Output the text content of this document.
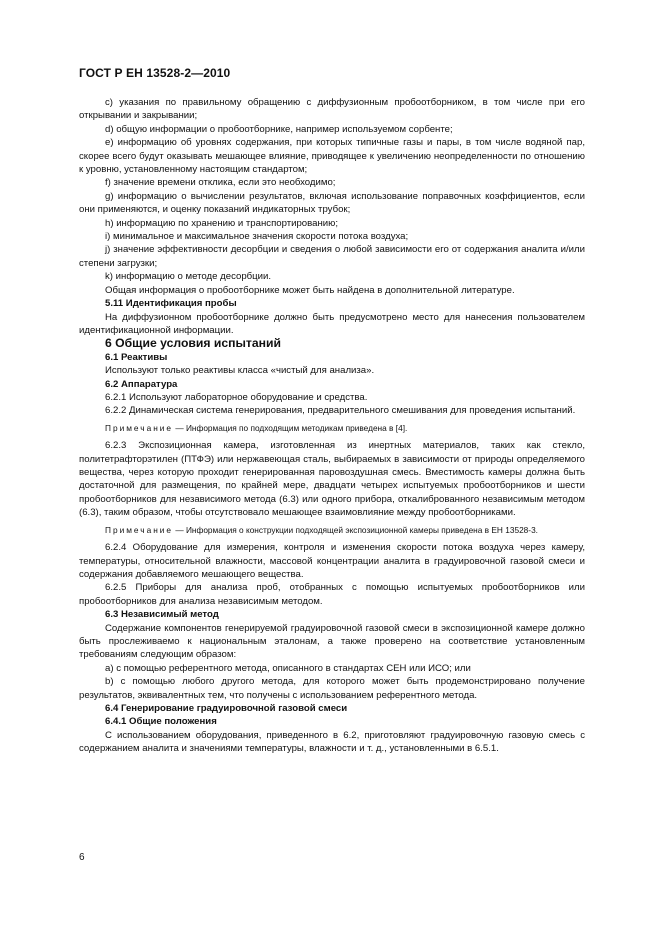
ГОСТ Р ЕН 13528-2—2010

с) указания по правильному обращению с диффузионным пробоотборником, в том числе при его открывании и закрывании;

d) общую информации о пробоотборнике, например используемом сорбенте;

е) информацию об уровнях содержания, при которых типичные газы и пары, в том числе водяной пар, скорее всего будут оказывать мешающее влияние, приводящее к увеличению неопределенности по отношению к уровню, установленному настоящим стандартом;

f) значение времени отклика, если это необходимо;

g) информацию о вычислении результатов, включая использование поправочных коэффициентов, если они применяются, и оценку показаний индикаторных трубок;

h) информацию по хранению и транспортированию;

i) минимальное и максимальное значения скорости потока воздуха;

j) значение эффективности десорбции и сведения о любой зависимости его от содержания аналита и/или степени загрузки;

k) информацию о методе десорбции.

Общая информация о пробоотборнике может быть найдена в дополнительной литературе.

5.11 Идентификация пробы

На диффузионном пробоотборнике должно быть предусмотрено место для нанесения пользователем идентификационной информации.

6 Общие условия испытаний

6.1 Реактивы

Используют только реактивы класса «чистый для анализа».

6.2 Аппаратура

6.2.1 Используют лабораторное оборудование и средства.

6.2.2 Динамическая система генерирования, предварительного смешивания для проведения испытаний.

Примечание — Информация по подходящим методикам приведена в [4].

6.2.3 Экспозиционная камера, изготовленная из инертных материалов, таких как стекло, политетрафторэтилен (ПТФЭ) или нержавеющая сталь, выбираемых в зависимости от природы определяемого вещества, через которую проходит генерированная паровоздушная смесь. Вместимость камеры должна быть достаточной для размещения, по крайней мере, двадцати четырех испытуемых пробоотборников и шести пробоотборников для независимого метода (6.3) или одного прибора, откалиброванного независимым методом (6.3), таким образом, чтобы отсутствовало мешающее взаимовлияние между пробоотборниками.

Примечание — Информация о конструкции подходящей экспозиционной камеры приведена в ЕН 13528-3.

6.2.4 Оборудование для измерения, контроля и изменения скорости потока воздуха через камеру, температуры, относительной влажности, массовой концентрации аналита в градуировочной газовой смеси и содержания добавляемого мешающего вещества.

6.2.5 Приборы для анализа проб, отобранных с помощью испытуемых пробоотборников или пробоотборников для анализа независимым методом.

6.3 Независимый метод

Содержание компонентов генерируемой градуировочной газовой смеси в экспозиционной камере должно быть прослеживаемо к национальным эталонам, а также проверено на соответствие установленным требованиям следующим образом:

а) с помощью референтного метода, описанного в стандартах СЕН или ИСО; или

b) с помощью любого другого метода, для которого может быть продемонстрировано получение результатов, эквивалентных тем, что получены с использованием референтного метода.

6.4 Генерирование градуировочной газовой смеси

6.4.1 Общие положения

С использованием оборудования, приведенного в 6.2, приготовляют градуировочную газовую смесь с содержанием аналита и значениями температуры, влажности и т. д., установленными в 6.5.1.

6
